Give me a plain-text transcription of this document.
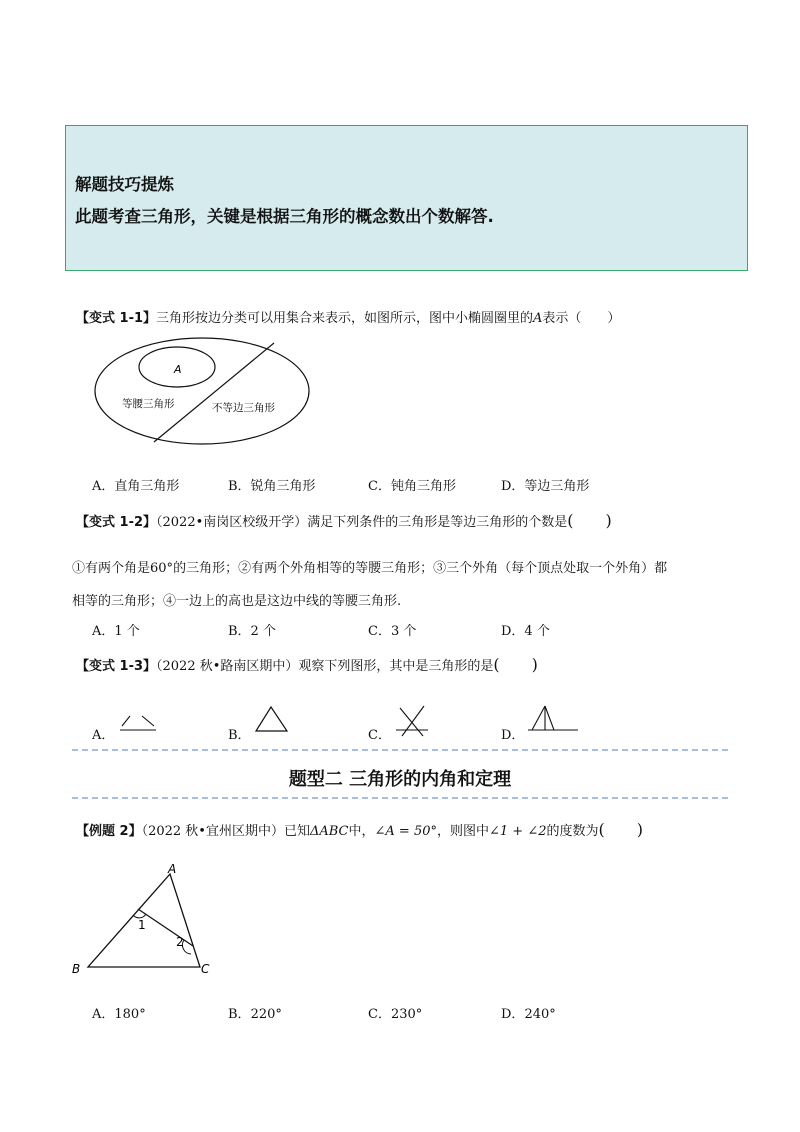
解题技巧提炼
此题考查三角形，关键是根据三角形的概念数出个数解答.
【变式 1-1】三角形按边分类可以用集合来表示，如图所示，图中小椭圆圈里的A表示（　　）
A
等腰三角形	不等边三角形
A．直角三角形	B．锐角三角形	C．钝角三角形	D．等边三角形
【变式 1-2】（2022•南岗区校级开学）满足下列条件的三角形是等边三角形的个数是(　　)
①有两个角是60°的三角形；②有两个外角相等的等腰三角形；③三个外角（每个顶点处取一个外角）都
相等的三角形；④一边上的高也是这边中线的等腰三角形.
A．1 个	B．2 个	C．3 个	D．4 个
【变式 1-3】（2022 秋•路南区期中）观察下列图形，其中是三角形的是(　　)
A．	B．	C．	D．
题型二 三角形的内角和定理
【例题 2】（2022 秋•宜州区期中）已知ΔABC中，∠A = 50°，则图中∠1 + ∠2的度数为(　　)
A
B	C
1
2
A．180°	B．220°	C．230°	D．240°
